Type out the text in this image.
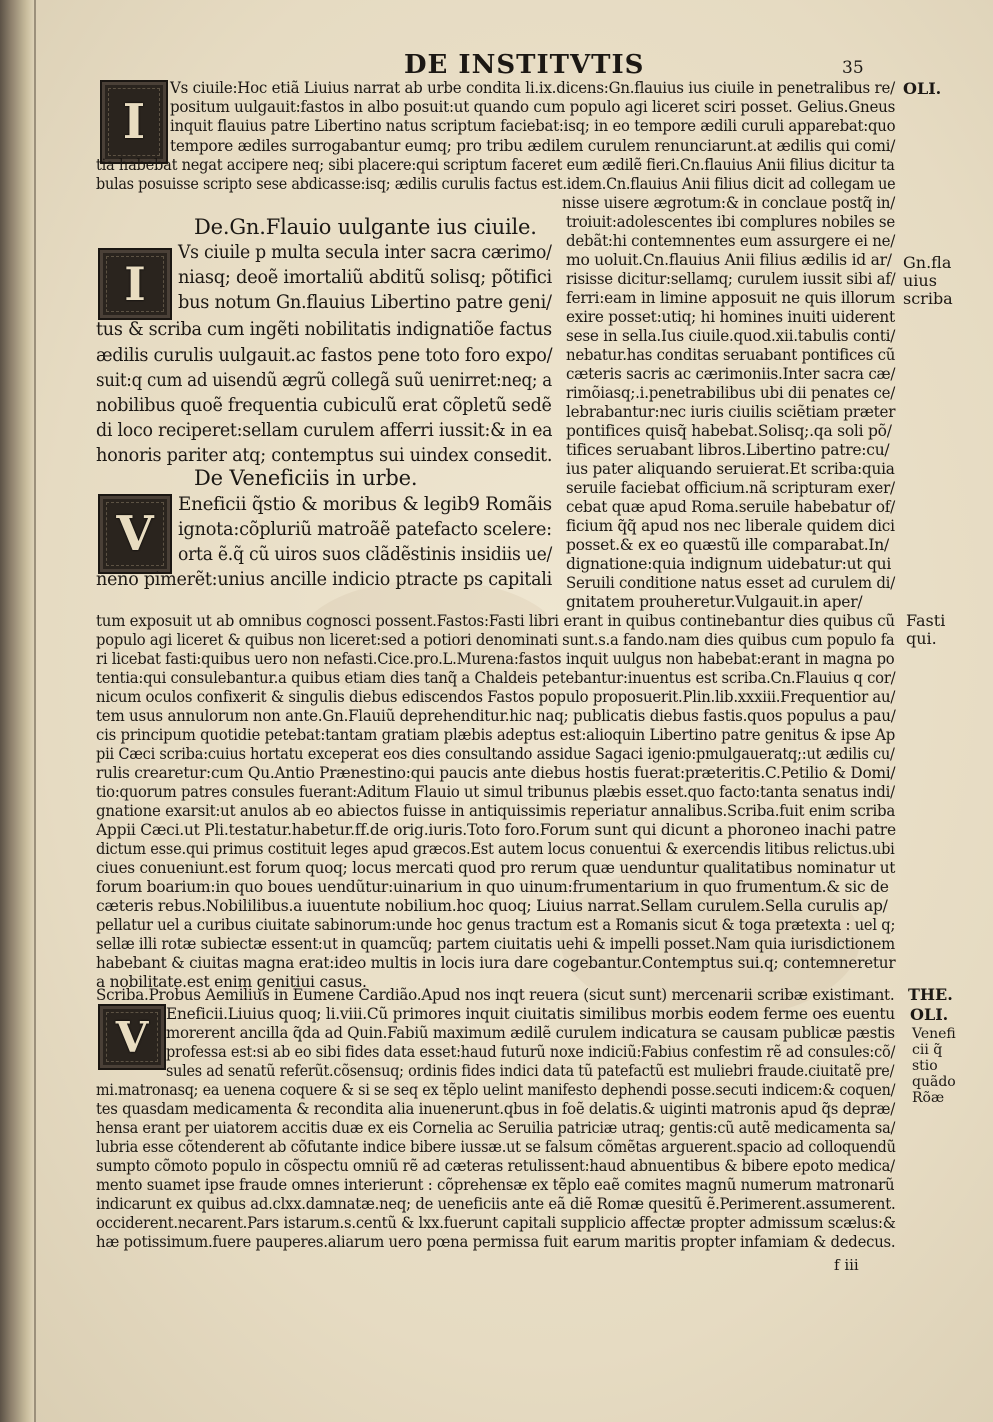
DE INSTITVTIS	35
OLI.
Gn.fla
uius
scriba
Fasti
qui.
THE.
OLI.
Venefi
cii q̃
stio
quãdo
Rõæ
I
I
V
V
Vs ciuile:Hoc etiã Liuius narrat ab urbe condita li.ix.dicens:Gn.flauius ius ciuile in penetralibus re/
positum uulgauit:fastos in albo posuit:ut quando cum populo agi liceret sciri posset. Gelius.Gneus
inquit flauius patre Libertino natus scriptum faciebat:isq; in eo tempore ædili curuli apparebat:quo
tempore ædiles surrogabantur eumq; pro tribu ædilem curulem renunciarunt.at ædilis qui comi/
tia habebat negat accipere neq; sibi placere:qui scriptum faceret eum ædilẽ fieri.Cn.flauius Anii filius dicitur ta
bulas posuisse scripto sese abdicasse:isq; ædilis curulis factus est.idem.Cn.flauius Anii filius dicit ad collegam ue
nisse uisere ægrotum:& in conclaue postq̃ in/
De.Gn.Flauio uulgante ius ciuile.
Vs ciuile p multa secula inter sacra cærimo/
niasq; deoẽ imortaliũ abditũ solisq; põtifici
bus notum Gn.flauius Libertino patre geni/
tus & scriba cum ingẽti nobilitatis indignatiõe factus
ædilis curulis uulgauit.ac fastos pene toto foro expo/
suit:q cum ad uisendũ ægrũ collegã suũ uenirret:neq; a
nobilibus quoẽ frequentia cubiculũ erat cõpletũ sedẽ
di loco reciperet:sellam curulem afferri iussit:& in ea
honoris pariter atq; contemptus sui uindex consedit.
De Veneficiis in urbe.
Eneficii q̃stio & moribus & legib9 Romãis
ignota:cõpluriũ matroãẽ patefacto scelere:
orta ẽ.q̃ cũ uiros suos clãdẽstinis insidiis ue/
neno pimerẽt:unius ancille indicio ptracte ps capitali
troiuit:adolescentes ibi complures nobiles se
debãt:hi contemnentes eum assurgere ei ne/
mo uoluit.Cn.flauius Anii filius ædilis id ar/
risisse dicitur:sellamq; curulem iussit sibi af/
ferri:eam in limine apposuit ne quis illorum
exire posset:utiq; hi homines inuiti uiderent
sese in sella.Ius ciuile.quod.xii.tabulis conti/
nebatur.has conditas seruabant pontifices cũ
cæteris sacris ac cærimoniis.Inter sacra cæ/
rimõiasq;.i.penetrabilibus ubi dii penates ce/
lebrabantur:nec iuris ciuilis sciẽtiam præter
pontifices quisq̃ habebat.Solisq;.qa soli põ/
tifices seruabant libros.Libertino patre:cu/
ius pater aliquando seruierat.Et scriba:quia
seruile faciebat officium.nã scripturam exer/
cebat quæ apud Roma.seruile habebatur of/
ficium q̃q̃ apud nos nec liberale quidem dici
posset.& ex eo quæstũ ille comparabat.In/
dignatione:quia indignum uidebatur:ut qui
Seruili conditione natus esset ad curulem di/
gnitatem prouheretur.Vulgauit.in aper/
tum exposuit ut ab omnibus cognosci possent.Fastos:Fasti libri erant in quibus continebantur dies quibus cũ
populo agi liceret & quibus non liceret:sed a potiori denominati sunt.s.a fando.nam dies quibus cum populo fa
ri licebat fasti:quibus uero non nefasti.Cice.pro.L.Murena:fastos inquit uulgus non habebat:erant in magna po
tentia:qui consulebantur.a quibus etiam dies tanq̃ a Chaldeis petebantur:inuentus est scriba.Cn.Flauius q cor/
nicum oculos confixerit & singulis diebus ediscendos Fastos populo proposuerit.Plin.lib.xxxiii.Frequentior au/
tem usus annulorum non ante.Gn.Flauiũ deprehenditur.hic naq; publicatis diebus fastis.quos populus a pau/
cis principum quotidie petebat:tantam gratiam plæbis adeptus est:alioquin Libertino patre genitus & ipse Ap
pii Cæci scriba:cuius hortatu exceperat eos dies consultando assidue Sagaci igenio:pmulgaueratq;:ut ædilis cu/
rulis crearetur:cum Qu.Antio Prænestino:qui paucis ante diebus hostis fuerat:præteritis.C.Petilio & Domi/
tio:quorum patres consules fuerant:Aditum Flauio ut simul tribunus plæbis esset.quo facto:tanta senatus indi/
gnatione exarsit:ut anulos ab eo abiectos fuisse in antiquissimis reperiatur annalibus.Scriba.fuit enim scriba
Appii Cæci.ut Pli.testatur.habetur.ff.de orig.iuris.Toto foro.Forum sunt qui dicunt a phoroneo inachi patre
dictum esse.qui primus costituit leges apud græcos.Est autem locus conuentui & exercendis litibus relictus.ubi
ciues conueniunt.est forum quoq; locus mercati quod pro rerum quæ uenduntur qualitatibus nominatur ut
forum boarium:in quo boues uendũtur:uinarium in quo uinum:frumentarium in quo frumentum.& sic de
cæteris rebus.Nobililibus.a iuuentute nobilium.hoc quoq; Liuius narrat.Sellam curulem.Sella curulis ap/
pellatur uel a curibus ciuitate sabinorum:unde hoc genus tractum est a Romanis sicut & toga prætexta : uel q;
sellæ illi rotæ subiectæ essent:ut in quamcũq; partem ciuitatis uehi & impelli posset.Nam quia iurisdictionem
habebant & ciuitas magna erat:ideo multis in locis iura dare cogebantur.Contemptus sui.q; contemneretur
a nobilitate.est enim genitiui casus.
Scriba.Probus Aemilius in Eumene Cardião.Apud nos inqt reuera (sicut sunt) mercenarii scribæ existimant.
Eneficii.Liuius quoq; li.viii.Cũ primores inquit ciuitatis similibus morbis eodem ferme oes euentu
morerent ancilla q̃da ad Quin.Fabiũ maximum ædilẽ curulem indicatura se causam publicæ pæstis
professa est:si ab eo sibi fides data esset:haud futurũ noxe indiciũ:Fabius confestim rẽ ad consules:cõ/
sules ad senatũ referũt.cõsensuq; ordinis fides indici data tũ patefactũ est muliebri fraude.ciuitatẽ pre/
mi.matronasq; ea uenena coquere & si se seq ex tẽplo uelint manifesto dephendi posse.secuti indicem:& coquen/
tes quasdam medicamenta & recondita alia inuenerunt.qbus in foẽ delatis.& uiginti matronis apud q̃s depræ/
hensa erant per uiatorem accitis duæ ex eis Cornelia ac Seruilia patriciæ utraq; gentis:cũ autẽ medicamenta sa/
lubria esse cõtenderent ab cõfutante indice bibere iussæ.ut se falsum cõmẽtas arguerent.spacio ad colloquendũ
sumpto cõmoto populo in cõspectu omniũ rẽ ad cæteras retulissent:haud abnuentibus & bibere epoto medica/
mento suamet ipse fraude omnes interierunt : cõprehensæ ex tẽplo eaẽ comites magnũ numerum matronarũ
indicarunt ex quibus ad.clxx.damnatæ.neq; de ueneficiis ante eã diẽ Romæ quesitũ ẽ.Perimerent.assumerent.
occiderent.necarent.Pars istarum.s.centũ & lxx.fuerunt capitali supplicio affectæ propter admissum scælus:&
hæ potissimum.fuere pauperes.aliarum uero pœna permissa fuit earum maritis propter infamiam & dedecus.
f iii
